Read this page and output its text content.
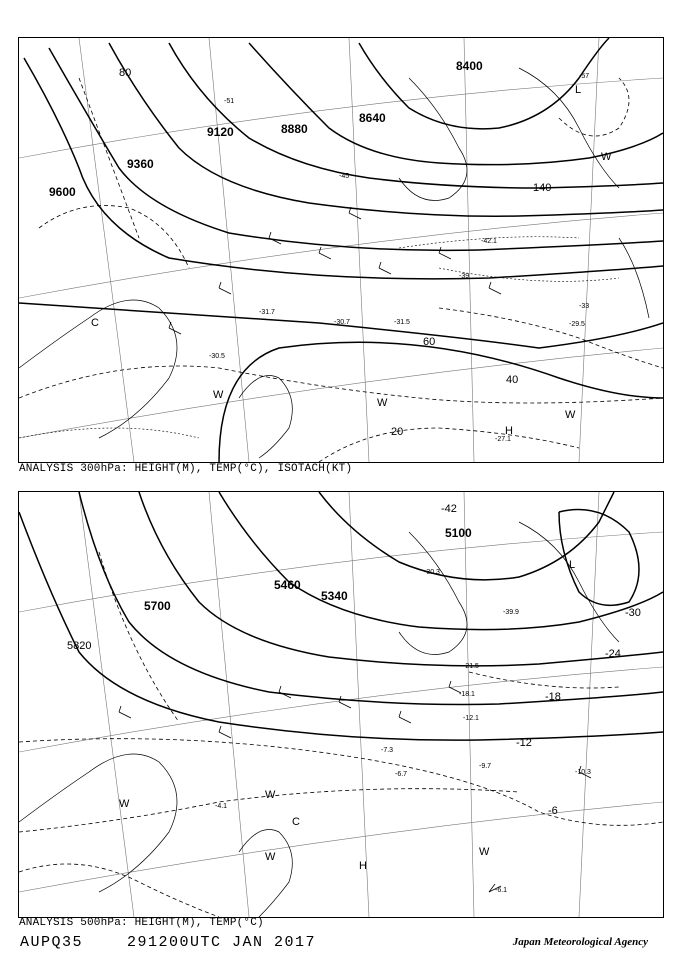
8400
8640
8880
9120
9360
9600
20
40
60
80
140
-51
-57
-45
-39
-33
-31.5
-30.7	-29.5
-30.5
-31.7
-42.1
-27.1
L
H
C
W
W
W
W
ANALYSIS 300hPa: HEIGHT(M), TEMP(°C), ISOTACH(KT)
5100
5340
5460
5700
5820
-42
-30
-24
-18
-12
-6
-39.9
-30.3
-21.5
-18.1
-12.1
-9.7
-10.3
-6.7
-6.1
-4.1
-7.3
L
H
C
W
W
W	W
ANALYSIS 500hPa: HEIGHT(M), TEMP(°C)
AUPQ35	291200UTC JAN 2017	Japan Meteorological Agency
